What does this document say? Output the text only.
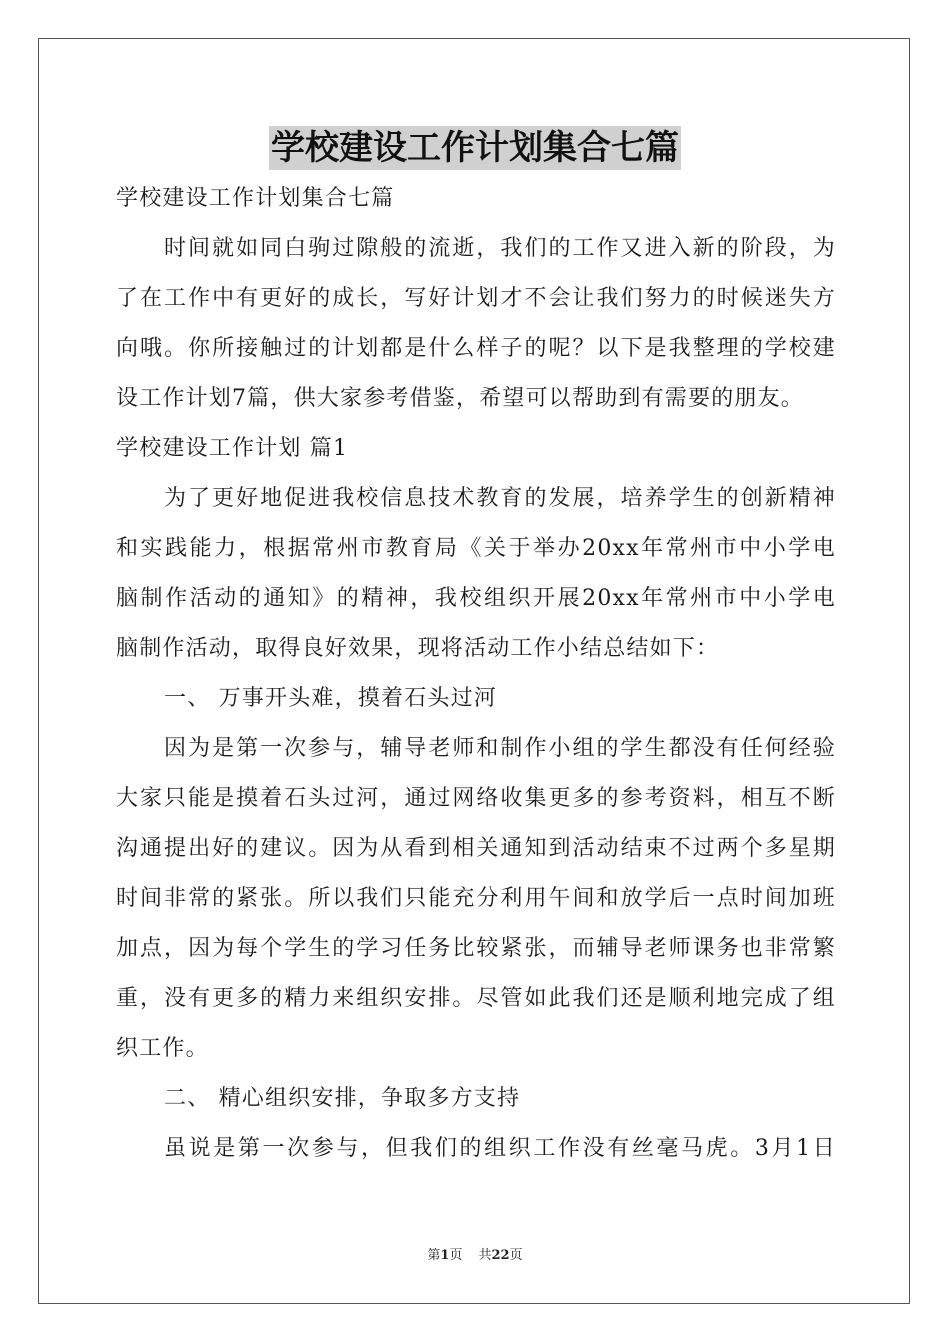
学校建设工作计划集合七篇
学校建设工作计划集合七篇
时间就如同白驹过隙般的流逝，我们的工作又进入新的阶段，为
了在工作中有更好的成长，写好计划才不会让我们努力的时候迷失方
向哦。你所接触过的计划都是什么样子的呢？以下是我整理的学校建
设工作计划7篇，供大家参考借鉴，希望可以帮助到有需要的朋友。
学校建设工作计划 篇1
为了更好地促进我校信息技术教育的发展，培养学生的创新精神
和实践能力，根据常州市教育局《关于举办20xx年常州市中小学电
脑制作活动的通知》的精神，我校组织开展20xx年常州市中小学电
脑制作活动，取得良好效果，现将活动工作小结总结如下：
一、 万事开头难，摸着石头过河
因为是第一次参与，辅导老师和制作小组的学生都没有任何经验
大家只能是摸着石头过河，通过网络收集更多的参考资料，相互不断
沟通提出好的建议。因为从看到相关通知到活动结束不过两个多星期
时间非常的紧张。所以我们只能充分利用午间和放学后一点时间加班
加点，因为每个学生的学习任务比较紧张，而辅导老师课务也非常繁
重，没有更多的精力来组织安排。尽管如此我们还是顺利地完成了组
织工作。
二、 精心组织安排，争取多方支持
虽说是第一次参与，但我们的组织工作没有丝毫马虎。3月1日
第1页 共22页
